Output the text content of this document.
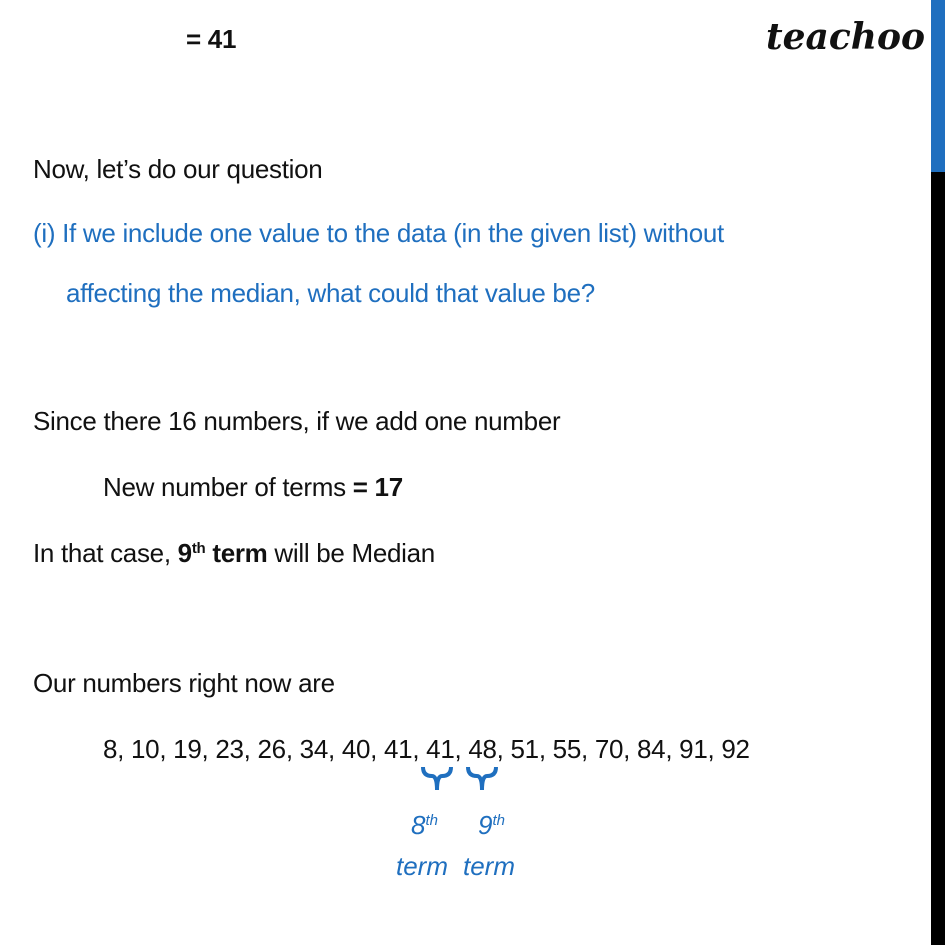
= 41	teachoo
Now, let’s do our question
(i) If we include one value to the data (in the given list) without
affecting the median, what could that value be?
Since there 16 numbers, if we add one number
New number of terms = 17
In that case, 9th term will be Median
Our numbers right now are
8, 10, 19, 23, 26, 34, 40, 41, 41, 48, 51, 55, 70, 84, 91, 92
8th 9th
term term
